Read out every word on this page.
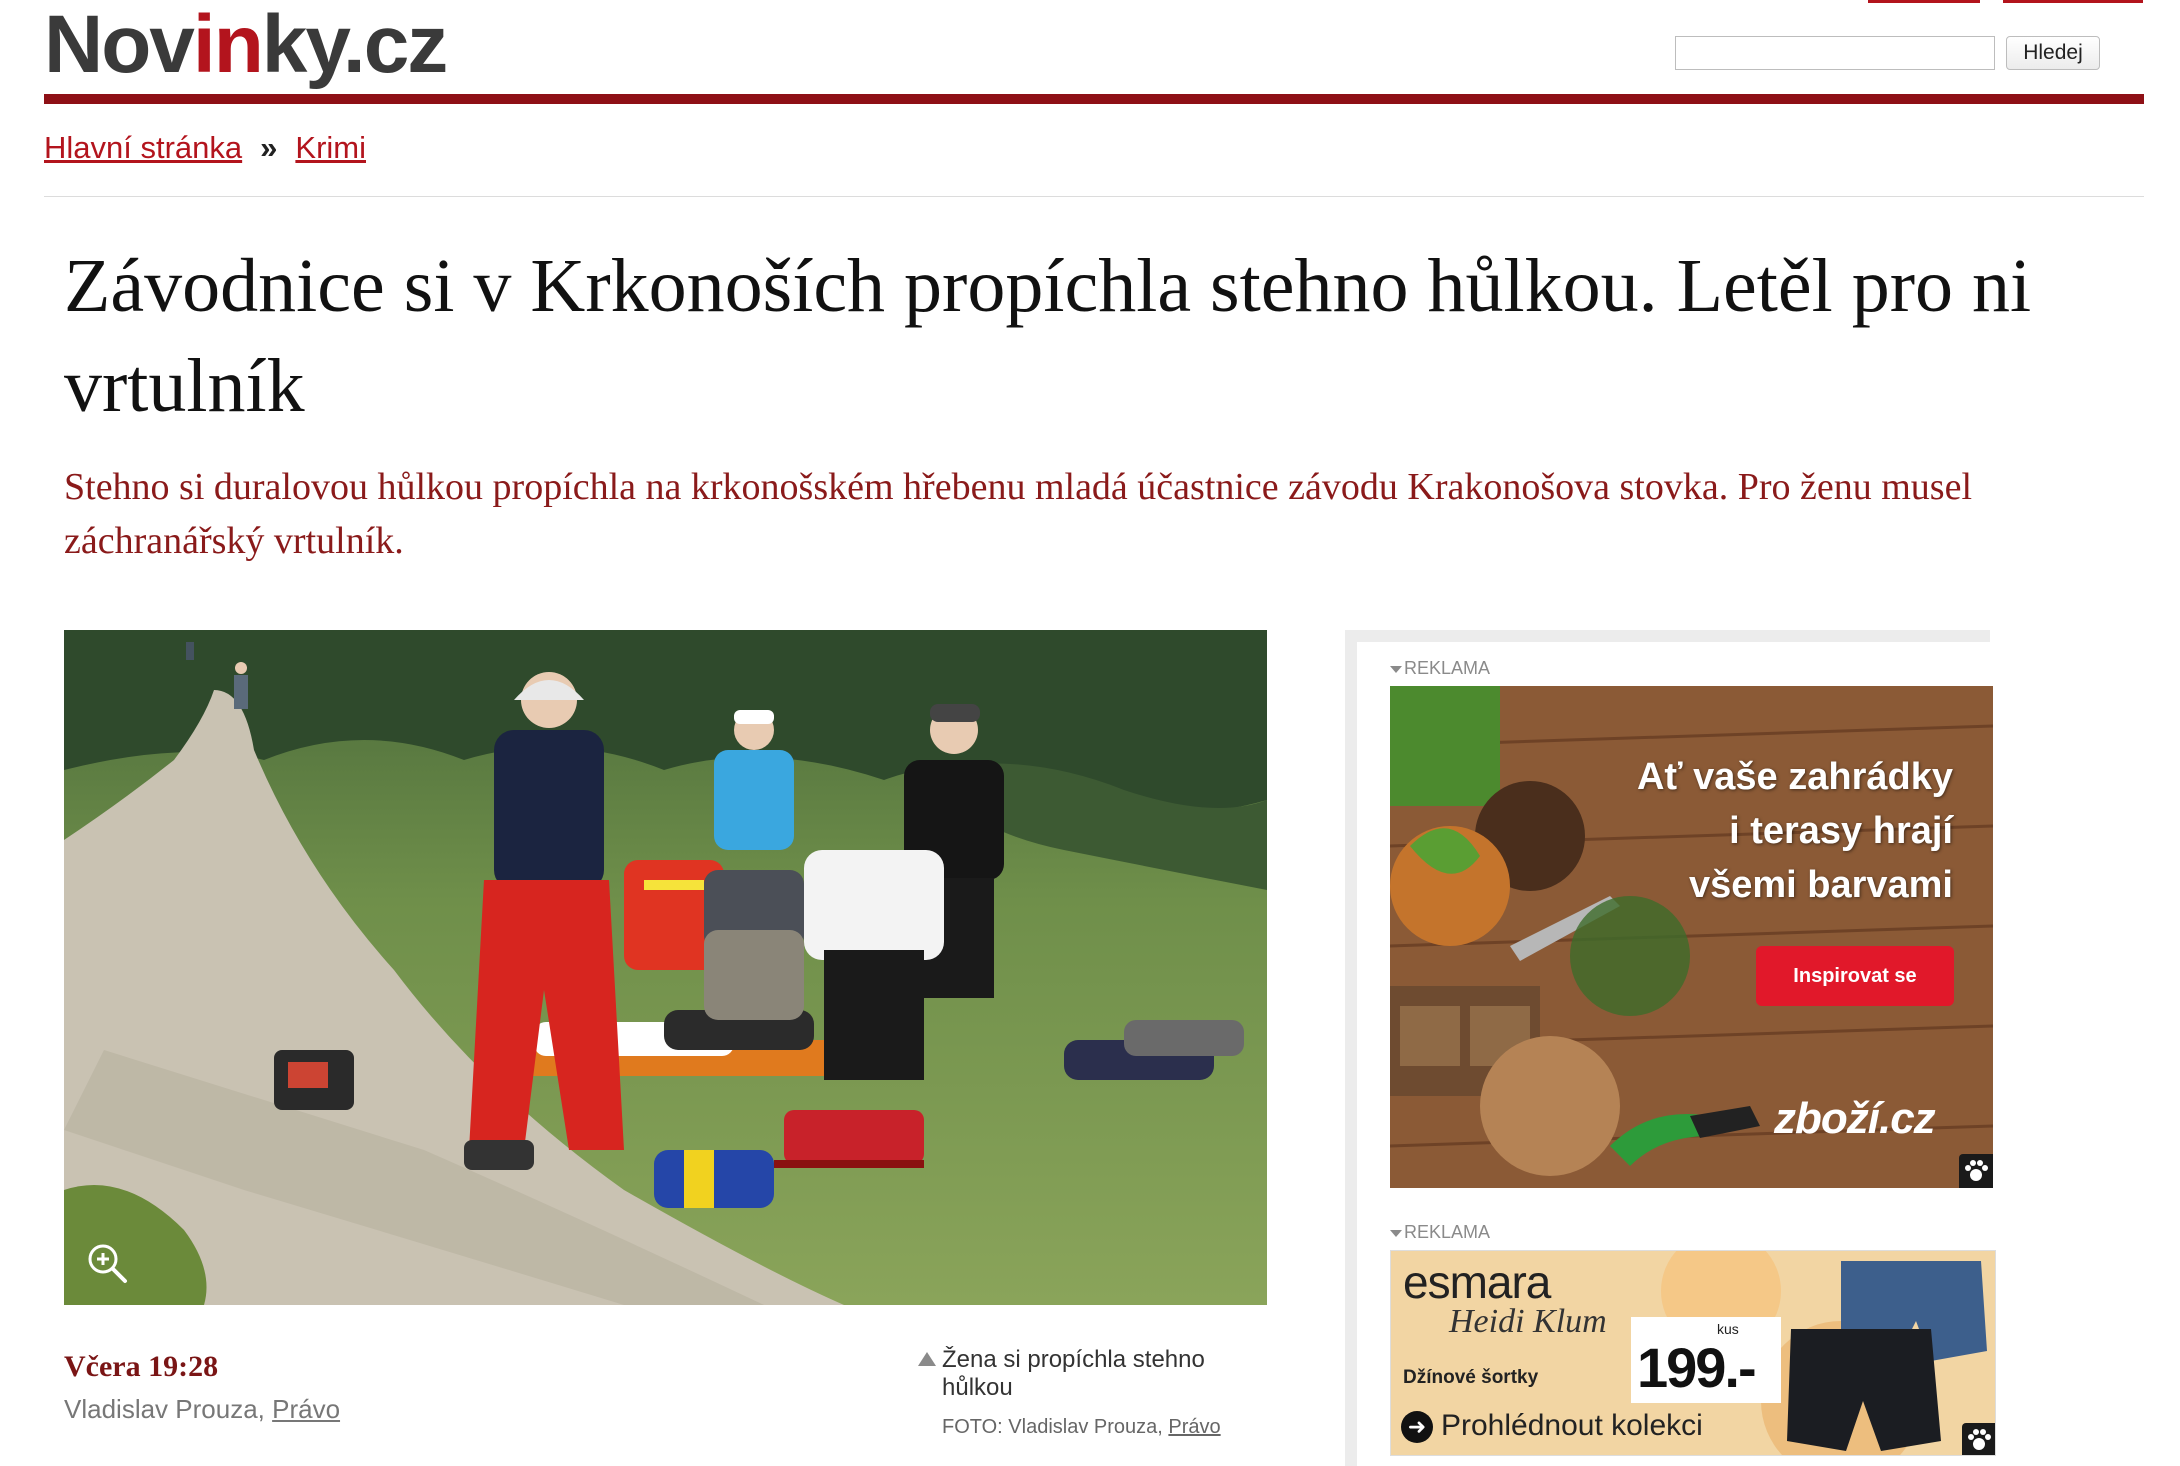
Novinky.cz	Hledej
Hlavní stránka » Krimi
Závodnice si v Krkonoších propíchla stehno hůlkou. Letěl pro ni vrtulník

Stehno si duralovou hůlkou propíchla na krkonošském hřebenu mladá účastnice závodu Krakonošova stovka. Pro ženu musel záchranářský vrtulník.

Včera 19:28
Vladislav Prouza, Právo
Žena si propíchla stehno hůlkou
FOTO: Vladislav Prouza, Právo
REKLAMA
Ať vaše zahrádky
i terasy hrají
všemi barvami
Inspirovat se
zboží.cz
REKLAMA
esmara
Heidi Klum
Džínové šortky
kus
199.-
➜ Prohlédnout kolekci
